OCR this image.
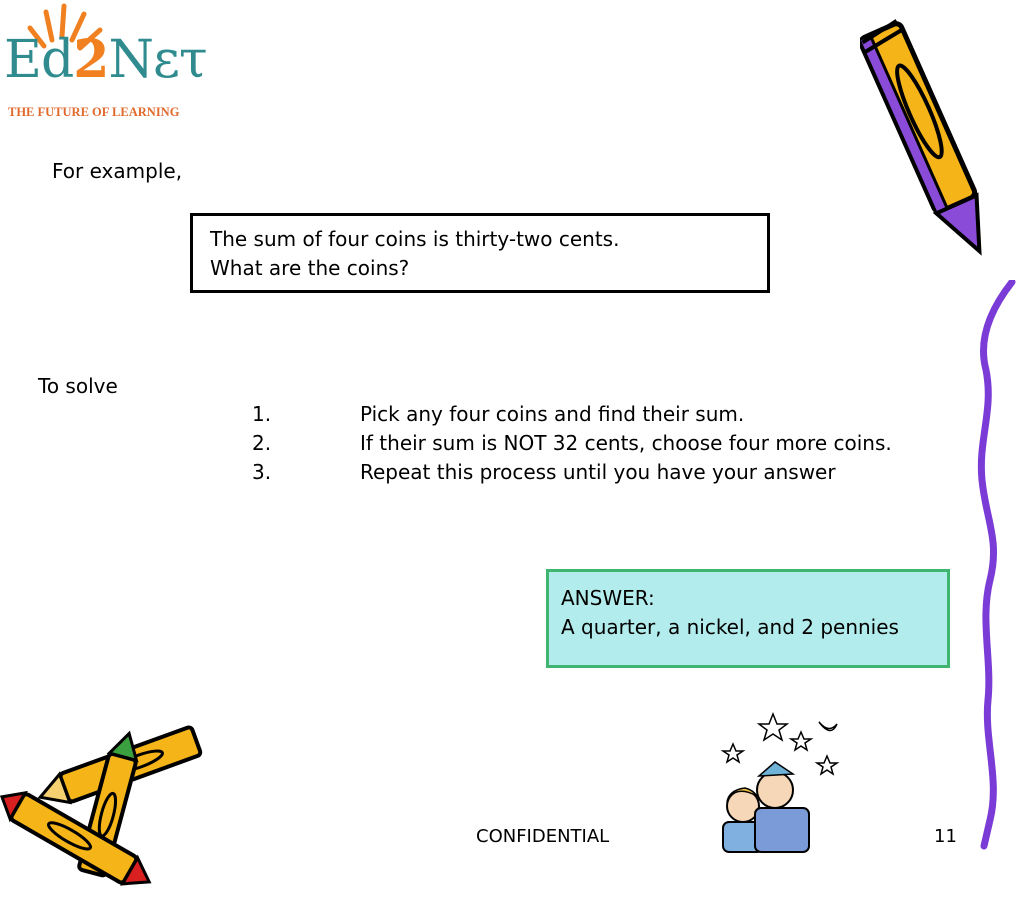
Ed2Nετ
THE FUTURE OF LEARNING
For example,
The sum of four coins is thirty-two cents.
What are the coins?
To solve
1.	Pick any four coins and find their sum.
2.	If their sum is NOT 32 cents, choose four more coins.
3.	Repeat this process until you have your answer
ANSWER:
A quarter, a nickel, and 2 pennies
CONFIDENTIAL	11
